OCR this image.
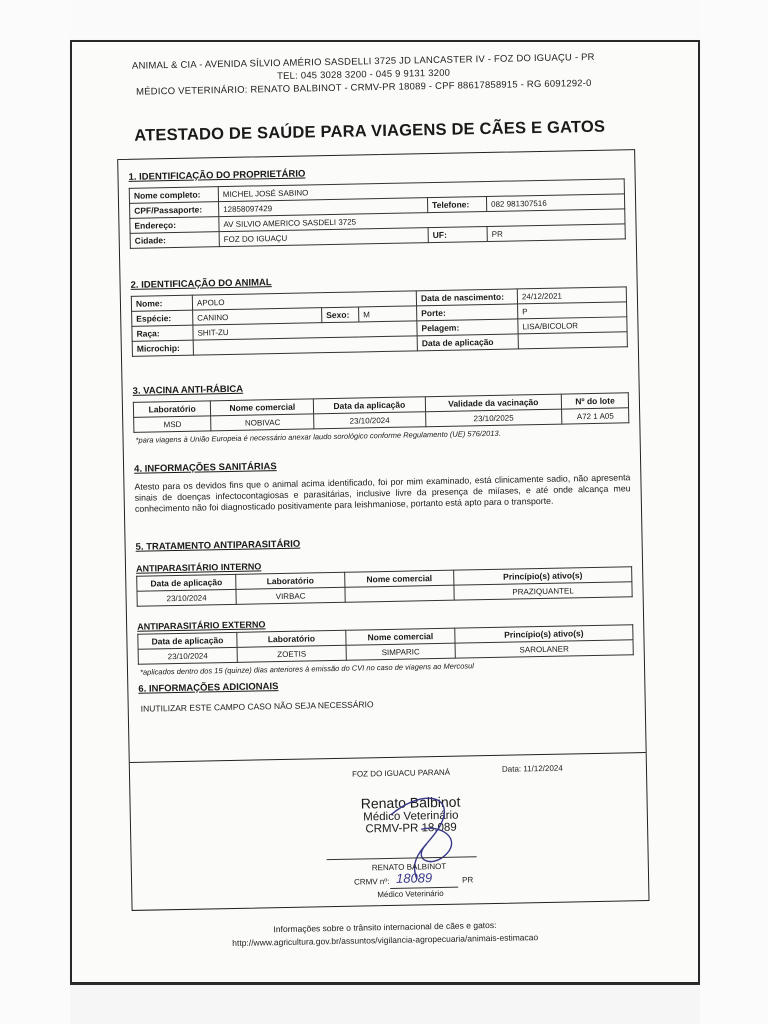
ANIMAL & CIA - AVENIDA SÍLVIO AMÉRIO SASDELLI 3725 JD LANCASTER IV - FOZ DO IGUAÇU - PR
TEL: 045 3028 3200 - 045 9 9131 3200
MÉDICO VETERINÁRIO: RENATO BALBINOT - CRMV-PR 18089 - CPF 88617858915 - RG 6091292-0
ATESTADO DE SAÚDE PARA VIAGENS DE CÃES E GATOS
1. IDENTIFICAÇÃO DO PROPRIETÁRIO
Nome completo:	MICHEL JOSÉ SABINO		
CPF/Passaporte:	12858097429	Telefone:	082 981307516
Endereço:	AV SILVIO AMERICO SASDELI 3725		
Cidade:	FOZ DO IGUAÇU	UF:	PR
2. IDENTIFICAÇÃO DO ANIMAL
Nome:	APOLO			Data de nascimento:	24/12/2021
Espécie:	CANINO	Sexo:	M	Porte:	P
Raça:	SHIT-ZU			Pelagem:	LISA/BICOLOR
Microchip:				Data de aplicação	
3. VACINA ANTI-RÁBICA
Laboratório	Nome comercial	Data da aplicação	Validade da vacinação	Nº do lote
MSD	NOBIVAC	23/10/2024	23/10/2025	A72 1 A05
*para viagens à União Europeia é necessário anexar laudo sorológico conforme Regulamento (UE) 576/2013.
4. INFORMAÇÕES SANITÁRIAS
Atesto para os devidos fins que o animal acima identificado, foi por mim examinado, está clinicamente sadio, não apresenta sinais de doenças infectocontagiosas e parasitárias, inclusive livre da presença de miíases, e até onde alcança meu conhecimento não foi diagnosticado positivamente para leishmaniose, portanto está apto para o transporte.
5. TRATAMENTO ANTIPARASITÁRIO
ANTIPARASITÁRIO INTERNO
Data de aplicação	Laboratório	Nome comercial	Princípio(s) ativo(s)
23/10/2024	VIRBAC		PRAZIQUANTEL
ANTIPARASITÁRIO EXTERNO
Data de aplicação	Laboratório	Nome comercial	Princípio(s) ativo(s)
23/10/2024	ZOETIS	SIMPARIC	SAROLANER
*aplicados dentro dos 15 (quinze) dias anteriores à emissão do CVI no caso de viagens ao Mercosul
6. INFORMAÇÕES ADICIONAIS
INUTILIZAR ESTE CAMPO CASO NÃO SEJA NECESSÁRIO
FOZ DO IGUACU PARANÁ	Data: 11/12/2024
Renato Balbinot
Médico Veterinário
CRMV-PR 18.089
RENATO BALBINOT
CRMV nº: 18089	PR
Médico Veterinário
Informações sobre o trânsito internacional de cães e gatos:
http://www.agricultura.gov.br/assuntos/vigilancia-agropecuaria/animais-estimacao
